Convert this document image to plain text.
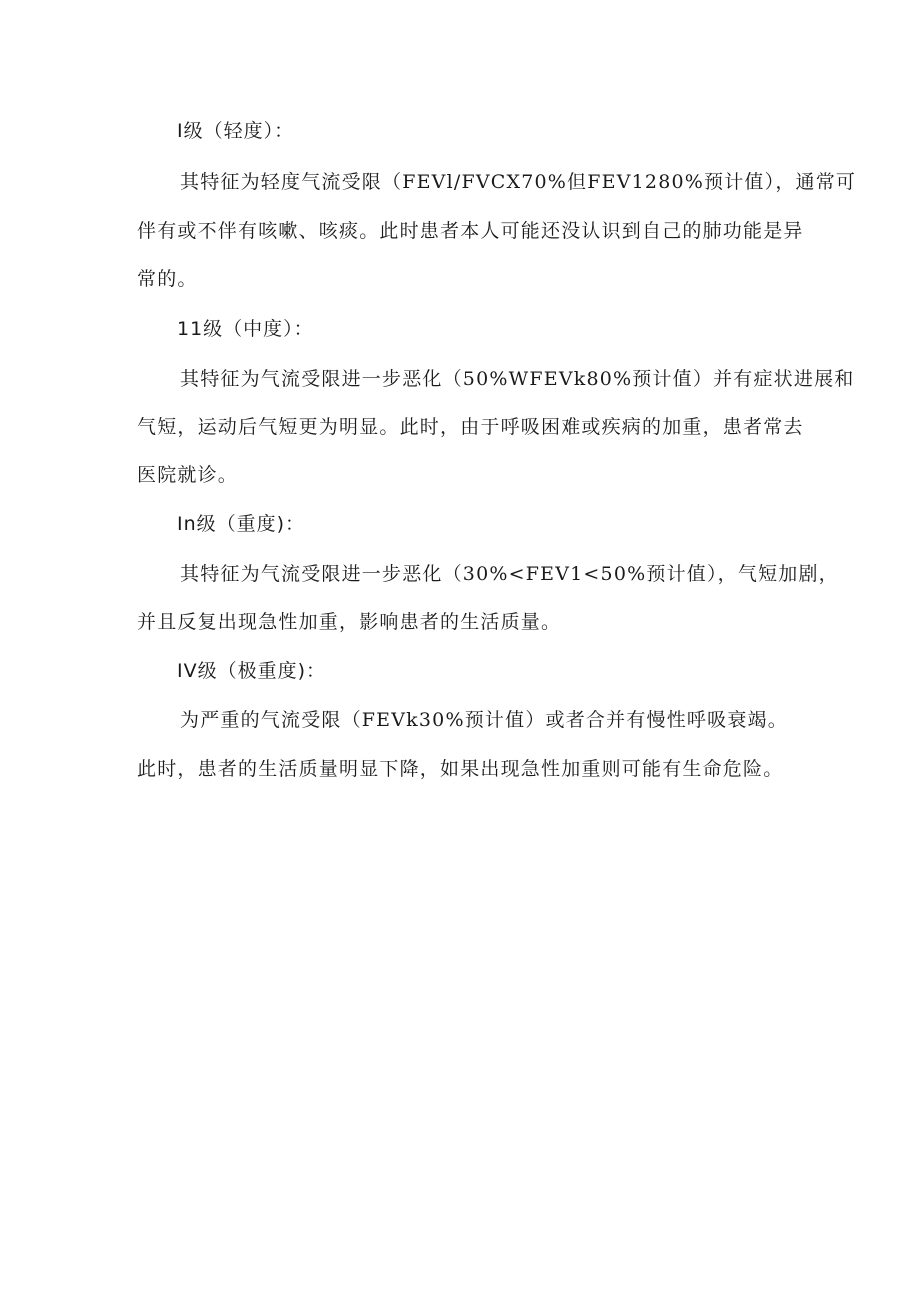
I级（轻度）：
其特征为轻度气流受限（FEVl/FVCX70%但FEV1280%预计值），通常可
伴有或不伴有咳嗽、咳痰。此时患者本人可能还没认识到自己的肺功能是异
常的。
11级（中度）：
其特征为气流受限进一步恶化（50%WFEVk80%预计值）并有症状进展和
气短，运动后气短更为明显。此时，由于呼吸困难或疾病的加重，患者常去
医院就诊。
In级（重度)：
其特征为气流受限进一步恶化（30%<FEV1<50%预计值），气短加剧，
并且反复出现急性加重，影响患者的生活质量。
IV级（极重度)：
为严重的气流受限（FEVk30%预计值）或者合并有慢性呼吸衰竭。
此时，患者的生活质量明显下降，如果出现急性加重则可能有生命危险。
